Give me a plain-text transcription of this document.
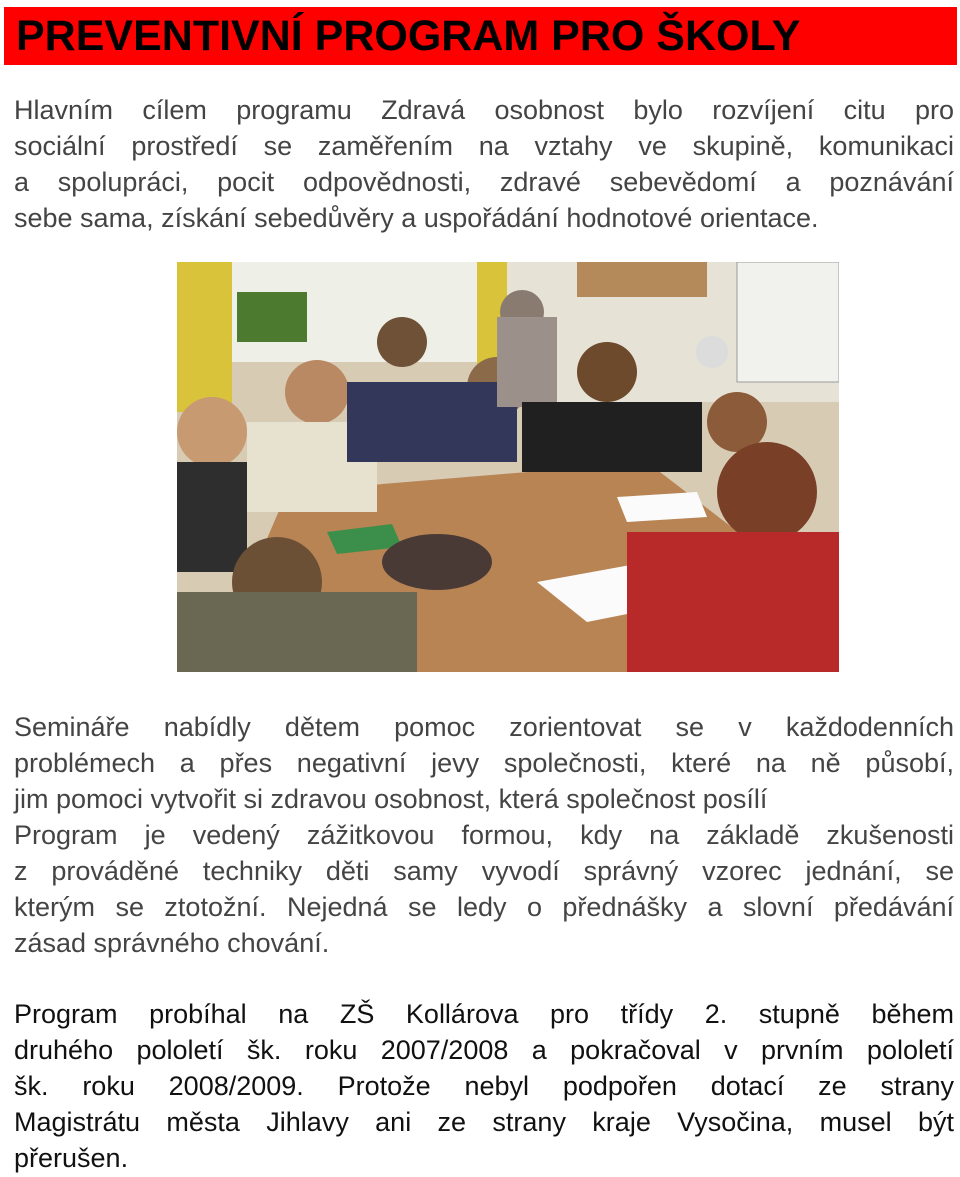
PREVENTIVNÍ PROGRAM PRO ŠKOLY
Hlavním cílem programu Zdravá osobnost bylo rozvíjení citu pro
sociální prostředí se zaměřením na vztahy ve skupině, komunikaci
a spolupráci, pocit odpovědnosti, zdravé sebevědomí a poznávání
sebe sama, získání sebedůvěry a uspořádání hodnotové orientace.
Semináře nabídly dětem pomoc zorientovat se v každodenních
problémech a přes negativní jevy společnosti, které na ně působí,
jim pomoci vytvořit si zdravou osobnost, která společnost posílí
Program je vedený zážitkovou formou, kdy na základě zkušenosti
z prováděné techniky děti samy vyvodí správný vzorec jednání, se
kterým se ztotožní. Nejedná se ledy o přednášky a slovní předávání
zásad správného chování.
Program probíhal na ZŠ Kollárova pro třídy 2. stupně během
druhého pololetí šk. roku 2007/2008 a pokračoval v prvním pololetí
šk. roku 2008/2009. Protože nebyl podpořen dotací ze strany
Magistrátu města Jihlavy ani ze strany kraje Vysočina, musel být
přerušen.
